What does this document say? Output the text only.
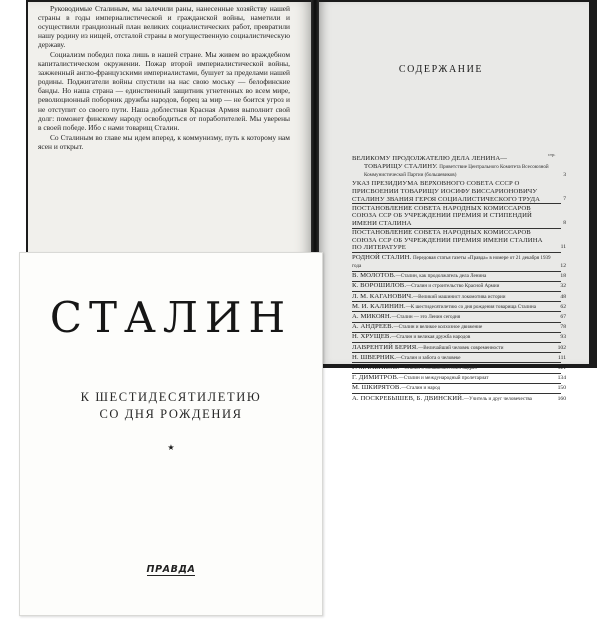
Руководимые Сталиным, мы залечили раны, нанесенные хозяйству нашей страны в годы империалистической и гражданской войны, наметили и осуществили грандиозный план великих социалистических работ, превратили нашу родину из нищей, отсталой страны в могущественную социалистическую державу.

Социализм победил пока лишь в нашей стране. Мы живем во враждебном капиталистическом окружении. Пожар второй империалистической войны, зажженный англо-французскими империалистами, бушует за пределами нашей родины. Поджигатели войны спустили на нас свою моську — белофинские банды. Но наша страна — единственный защитник угнетенных во всем мире, революционный поборник дружбы народов, борец за мир — не боится угроз и не отступит со своего пути. Наша доблестная Красная Армия выполнит свой долг: поможет финскому народу освободиться от поработителей. Мы уверены в своей победе. Ибо с нами товарищ Сталин.

Со Сталиным во главе мы идем вперед, к коммунизму, путь к которому нам ясен и открыт.

СТАЛИН
К ШЕСТИДЕСЯТИЛЕТИЮ
СО ДНЯ РОЖДЕНИЯ
★
ПРАВДА
СОДЕРЖАНИЕ
стр.
ВЕЛИКОМУ ПРОДОЛЖАТЕЛЮ ДЕЛА ЛЕНИНА—
ТОВАРИЩУ СТАЛИНУ. Приветствие Центрального Комитета Всесоюзной Коммунистической Партии (большевиков)	3
УКАЗ ПРЕЗИДИУМА ВЕРХОВНОГО СОВЕТА СССР О ПРИСВОЕНИИ ТОВАРИЩУ ИОСИФУ ВИССАРИОНОВИЧУ СТАЛИНУ ЗВАНИЯ ГЕРОЯ СОЦИАЛИСТИЧЕСКОГО ТРУДА	7
ПОСТАНОВЛЕНИЕ СОВЕТА НАРОДНЫХ КОМИССАРОВ СОЮЗА ССР ОБ УЧРЕЖДЕНИИ ПРЕМИЯ И СТИПЕНДИЙ ИМЕНИ СТАЛИНА	8
ПОСТАНОВЛЕНИЕ СОВЕТА НАРОДНЫХ КОМИССАРОВ СОЮЗА ССР ОБ УЧРЕЖДЕНИИ ПРЕМИЯ ИМЕНИ СТАЛИНА ПО ЛИТЕРАТУРЕ	11
РОДНОЙ СТАЛИН. Передовая статья газеты «Правда» в номере от 21 декабря 1939 года	12
В. МОЛОТОВ.—Сталин, как продолжатель дела Ленина	18
К. ВОРОШИЛОВ.—Сталин и строительство Красной Армии	32
Л. М. КАГАНОВИЧ.—Великий машинист локомотива истории	48
М. И. КАЛИНИН.—К шестидесятилетию со дня рождения товарища Сталина	62
А. МИКОЯН.—Сталин — это Ленин сегодня	67
А. АНДРЕЕВ.—Сталин и великое колхозное движение	78
Н. ХРУЩЕВ.—Сталин и великая дружба народов	93
ЛАВРЕНТИЙ БЕРИЯ.—Величайший человек современности	102
Н. ШВЕРНИК.—Сталин и забота о человеке	111
Г. МАЛЕНКОВ.—Сталин о большевистских кадрах	121
Г. ДИМИТРОВ.—Сталин и международный пролетариат	134
М. ШКИРЯТОВ.—Сталин и народ	150
А. ПОСКРЕБЫШЕВ, Б. ДВИНСКИЙ.—Учитель и друг человечества	160
